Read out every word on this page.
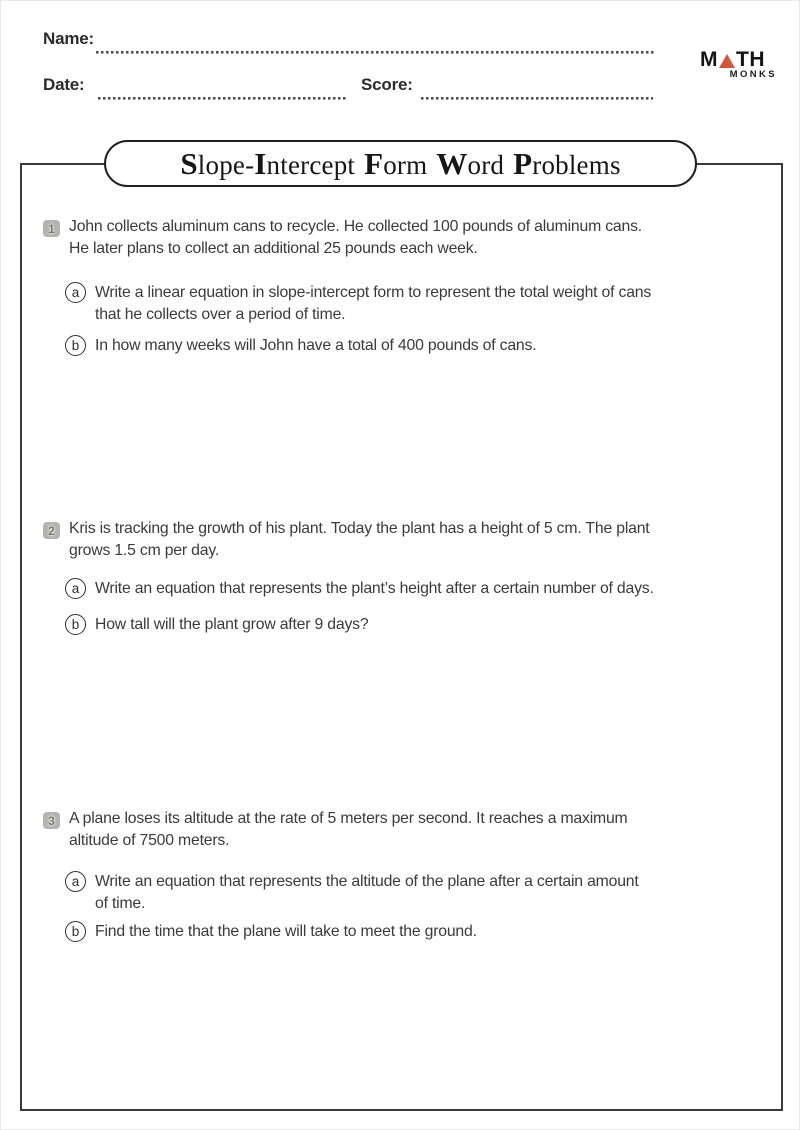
Name:
Date:	Score:
M TH
MONKS
Slope-Intercept Form Word Problems
1 John collects aluminum cans to recycle. He collected 100 pounds of aluminum cans.
He later plans to collect an additional 25 pounds each week.
a Write a linear equation in slope-intercept form to represent the total weight of cans
that he collects over a period of time.
b In how many weeks will John have a total of 400 pounds of cans.
2 Kris is tracking the growth of his plant. Today the plant has a height of 5 cm. The plant
grows 1.5 cm per day.
a Write an equation that represents the plant’s height after a certain number of days.
b How tall will the plant grow after 9 days?
3 A plane loses its altitude at the rate of 5 meters per second. It reaches a maximum
altitude of 7500 meters.
a Write an equation that represents the altitude of the plane after a certain amount
of time.
b Find the time that the plane will take to meet the ground.
